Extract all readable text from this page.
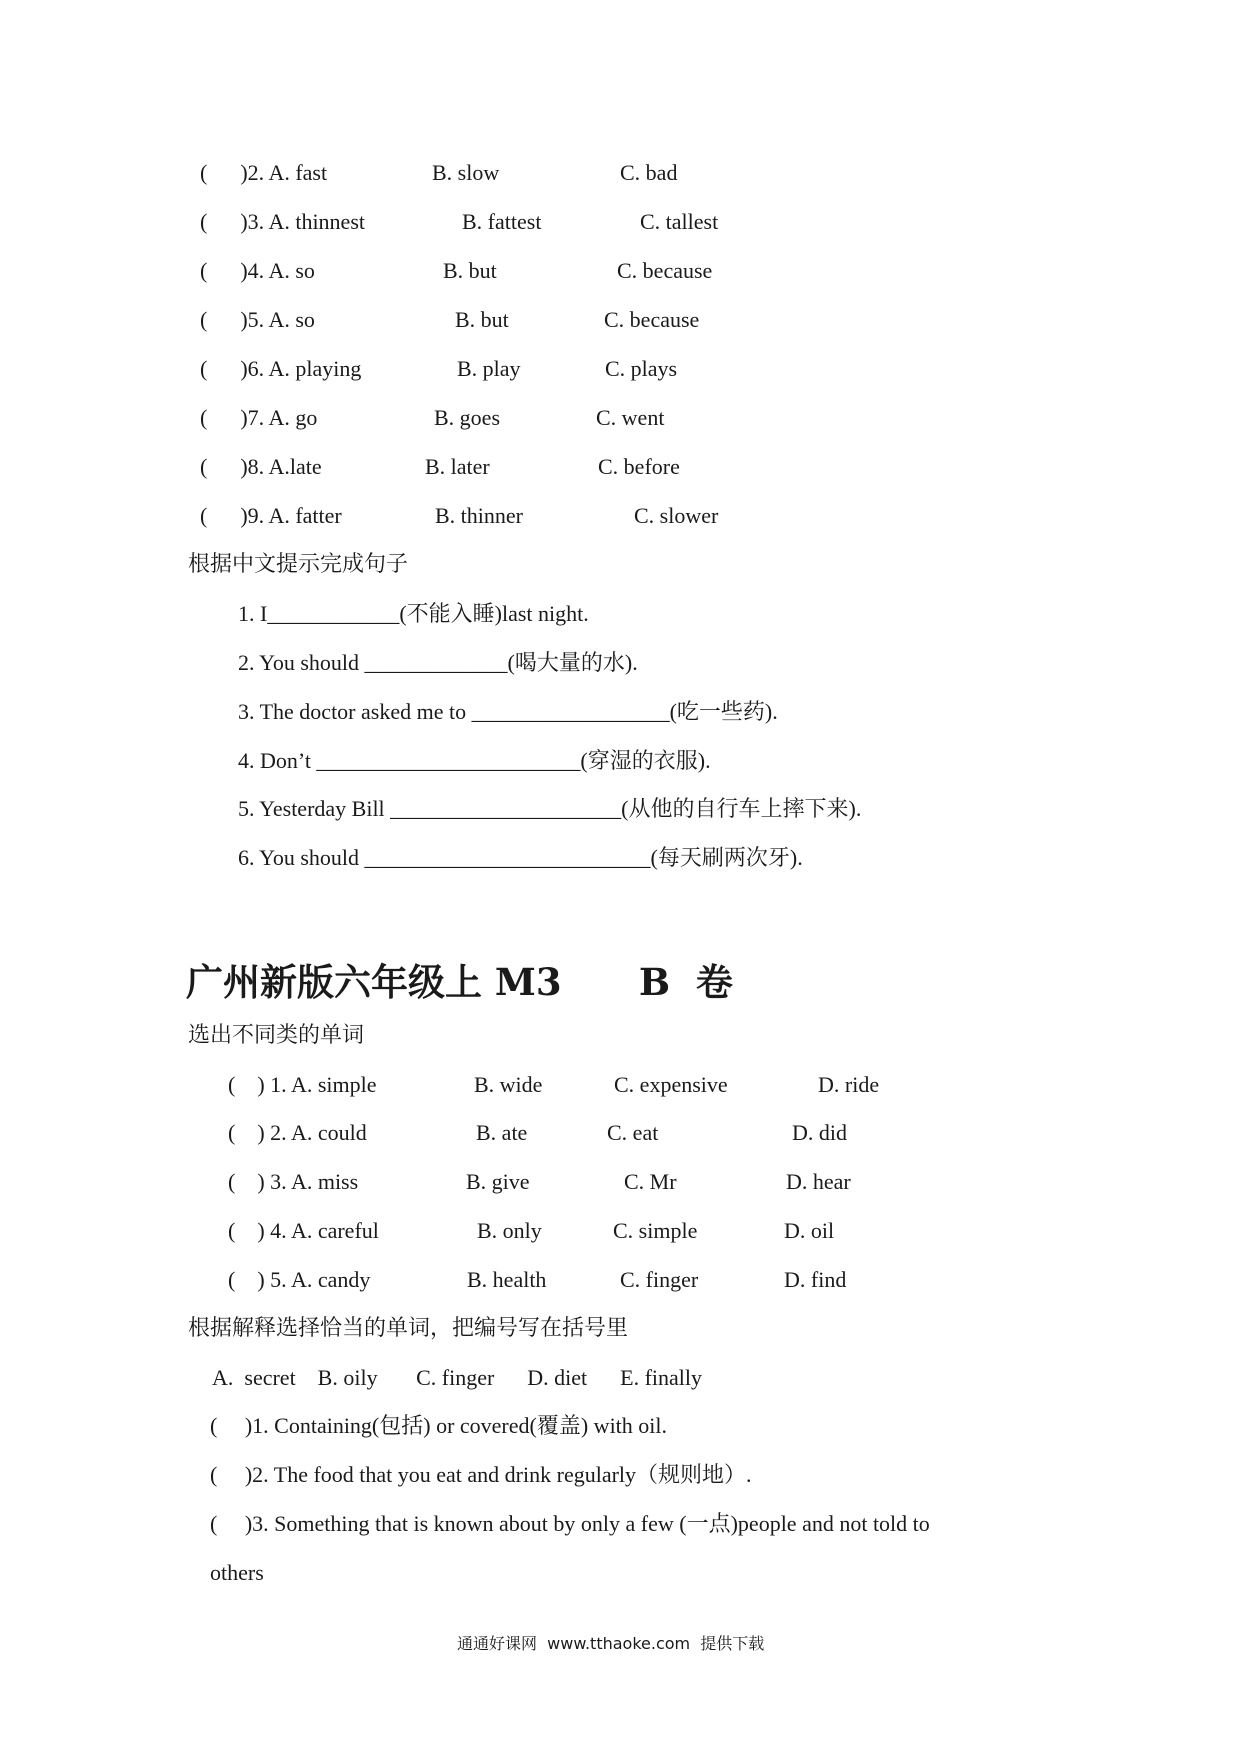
(      )2. A. fast	B. slow	C. bad
(      )3. A. thinnest	B. fattest	C. tallest
(      )4. A. so	B. but	C. because
(      )5. A. so	B. but	C. because
(      )6. A. playing	B. play	C. plays
(      )7. A. go	B. goes	C. went
(      )8. A.late	B. later	C. before
(      )9. A. fatter	B. thinner	C. slower
根据中文提示完成句子
1. I____________(不能入睡)last night.
2. You should _____________(喝大量的水).
3. The doctor asked me to __________________(吃一些药).
4. Don’t ________________________(穿湿的衣服).
5. Yesterday Bill _____________________(从他的自行车上摔下来).
6. You should __________________________(每天刷两次牙).
广州新版六年级上 M3      B  卷
选出不同类的单词
(    ) 1. A. simple	B. wide	C. expensive	D. ride
(    ) 2. A. could	B. ate	C. eat	D. did
(    ) 3. A. miss	B. give	C. Mr	D. hear
(    ) 4. A. careful	B. only	C. simple	D. oil
(    ) 5. A. candy	B. health	C. finger	D. find
根据解释选择恰当的单词，把编号写在括号里
A.  secret    B. oily       C. finger      D. diet      E. finally
(     )1. Containing(包括) or covered(覆盖) with oil.
(     )2. The food that you eat and drink regularly（规则地）.
(     )3. Something that is known about by only a few (一点)people and not told to
others
通通好课网  www.tthaoke.com  提供下载
